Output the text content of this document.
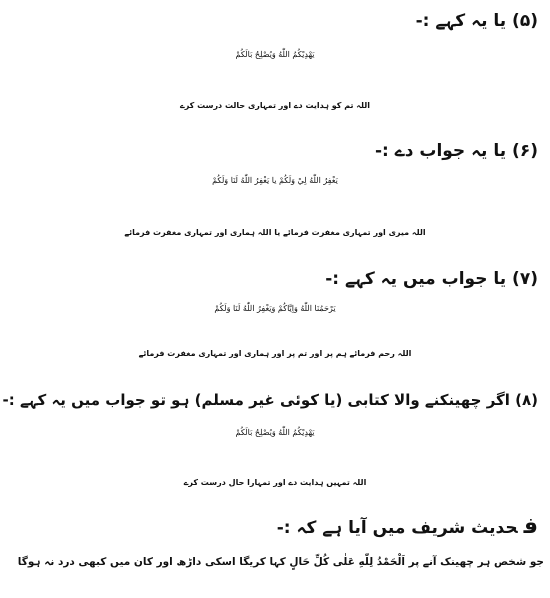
(۵) یا یہ کہے :-
يَهْدِيْكُمُ اللّٰهُ وَيُصْلِحُ بَالَكُمْ
اللہ تم کو ہدایت دے اور تمہاری حالت درست کرے
(۶) یا یہ جواب دے :-
يَغْفِرُ اللّٰهُ لِيْ وَلَكُمْ يا يَغْفِرُ اللّٰهُ لَنَا وَلَكُمْ
اللہ میری اور تمہاری مغفرت فرمائے یا اللہ ہماری اور تمہاری مغفرت فرمائے
(۷) یا جواب میں یہ کہے :-
يَرْحَمُنَا اللّٰهُ وَاِيَّاكُمْ وَيَغْفِرُ اللّٰهُ لَنَا وَلَكُمْ
اللہ رحم فرمائے ہم پر اور تم پر اور ہماری اور تمہاری مغفرت فرمائے
(۸) اگر چھینکنے والا کتابی (یا کوئی غیر مسلم) ہو تو جواب میں یہ کہے :-
يَهْدِيْكُمُ اللّٰهُ وَيُصْلِحُ بَالَكُمْ
اللہ تمہیں ہدایت دے اور تمہارا حال درست کرے
فحدیث شریف میں آیا ہے کہ :-
جو شخص ہر چھینک آنے پر اَلْحَمْدُ لِلّٰهِ عَلٰى كُلِّ حَالٍ کہا کریگا اسکی داڑھ اور کان میں کبھی درد نہ ہوگا
